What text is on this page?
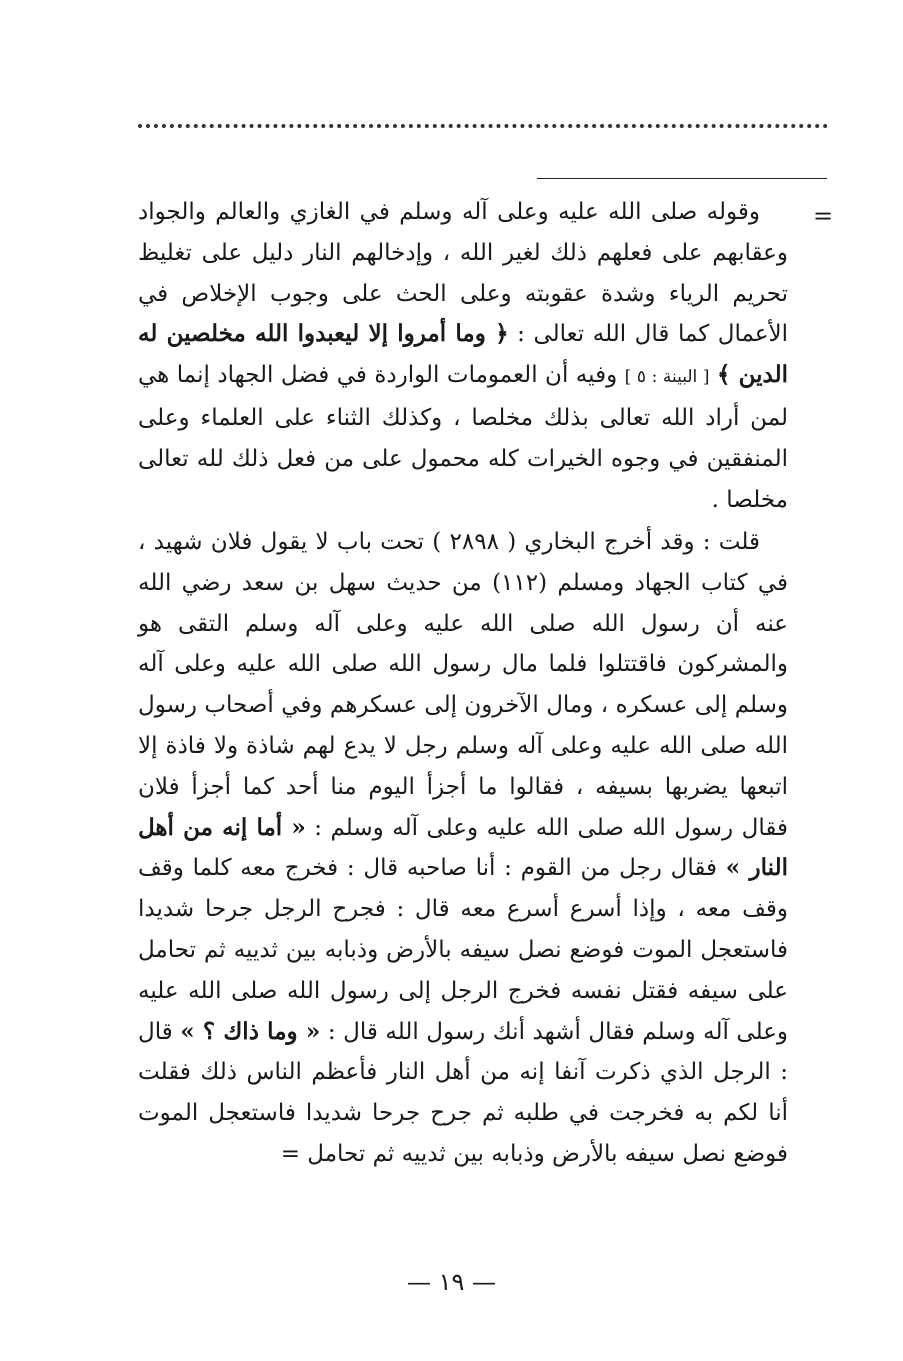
=

وقوله صلى الله عليه وعلى آله وسلم في الغازي والعالم والجواد وعقابهم على فعلهم ذلك لغير الله ، وإدخالهم النار دليل على تغليظ تحريم الرياء وشدة عقوبته وعلى الحث على وجوب الإخلاص في الأعمال كما قال الله تعالى : ﴿ وما أمروا إلا ليعبدوا الله مخلصين له الدين ﴾ [ البينة : ٥ ] وفيه أن العمومات الواردة في فضل الجهاد إنما هي لمن أراد الله تعالى بذلك مخلصا ، وكذلك الثناء على العلماء وعلى المنفقين في وجوه الخيرات كله محمول على من فعل ذلك لله تعالى مخلصا .

قلت : وقد أخرج البخاري ( ٢٨٩٨ ) تحت باب لا يقول فلان شهيد ، في كتاب الجهاد ومسلم (١١٢) من حديث سهل بن سعد رضي الله عنه أن رسول الله صلى الله عليه وعلى آله وسلم التقى هو والمشركون فاقتتلوا فلما مال رسول الله صلى الله عليه وعلى آله وسلم إلى عسكره ، ومال الآخرون إلى عسكرهم وفي أصحاب رسول الله صلى الله عليه وعلى آله وسلم رجل لا يدع لهم شاذة ولا فاذة إلا اتبعها يضربها بسيفه ، فقالوا ما أجزأ اليوم منا أحد كما أجزأ فلان فقال رسول الله صلى الله عليه وعلى آله وسلم : « أما إنه من أهل النار » فقال رجل من القوم : أنا صاحبه قال : فخرج معه كلما وقف وقف معه ، وإذا أسرع أسرع معه قال : فجرح الرجل جرحا شديدا فاستعجل الموت فوضع نصل سيفه بالأرض وذبابه بين ثدييه ثم تحامل على سيفه فقتل نفسه فخرج الرجل إلى رسول الله صلى الله عليه وعلى آله وسلم فقال أشهد أنك رسول الله قال : « وما ذاك ؟ » قال : الرجل الذي ذكرت آنفا إنه من أهل النار فأعظم الناس ذلك فقلت أنا لكم به فخرجت في طلبه ثم جرح جرحا شديدا فاستعجل الموت فوضع نصل سيفه بالأرض وذبابه بين ثدييه ثم تحامل =

— ١٩ —
